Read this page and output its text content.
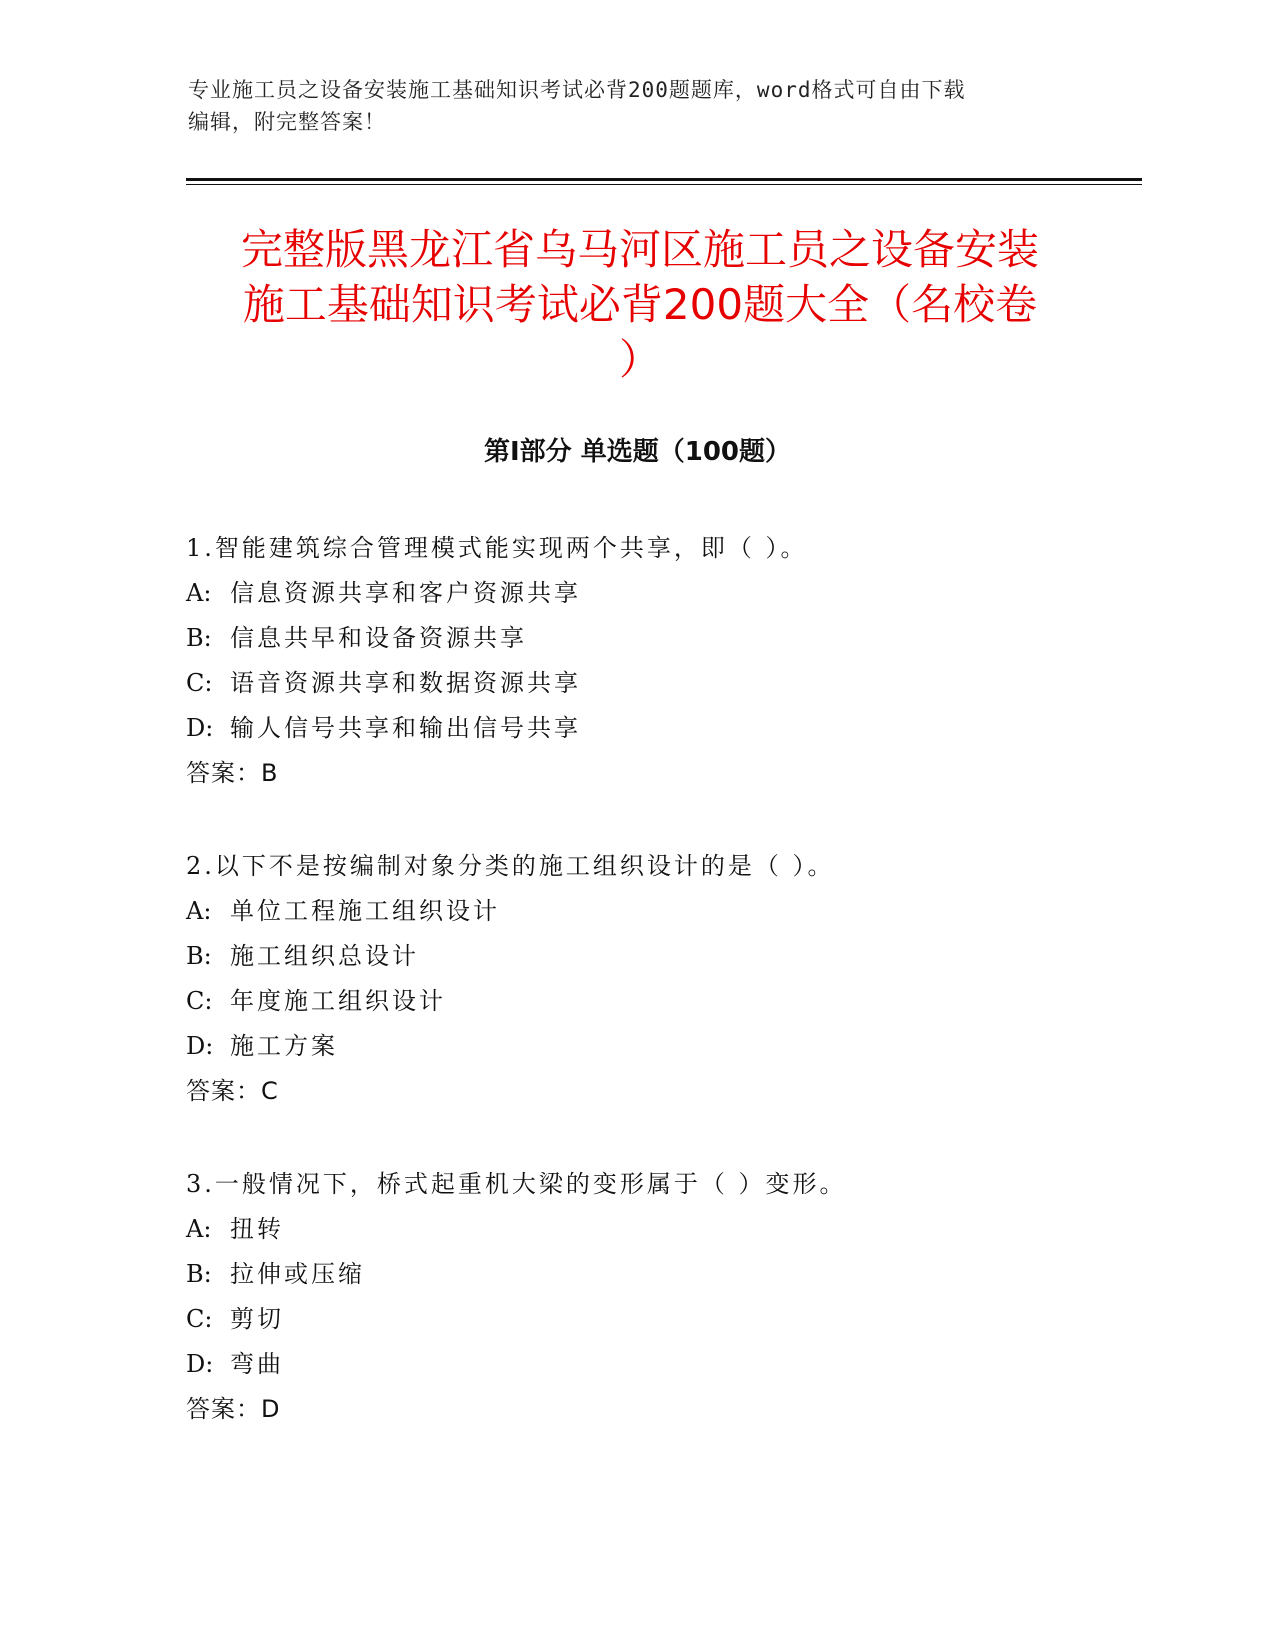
专业施工员之设备安装施工基础知识考试必背200题题库，word格式可自由下载
编辑，附完整答案！
完整版黑龙江省乌马河区施工员之设备安装
施工基础知识考试必背200题大全（名校卷
）
第Ⅰ部分 单选题（100题）
1.智能建筑综合管理模式能实现两个共享，即（ ）。
A: 信息资源共享和客户资源共享
B: 信息共早和设备资源共享
C: 语音资源共享和数据资源共享
D: 输人信号共享和输出信号共享
答案：B
2.以下不是按编制对象分类的施工组织设计的是（ ）。
A: 单位工程施工组织设计
B: 施工组织总设计
C: 年度施工组织设计
D: 施工方案
答案：C
3.一般情况下，桥式起重机大梁的变形属于（ ）变形。
A: 扭转
B: 拉伸或压缩
C: 剪切
D: 弯曲
答案：D
